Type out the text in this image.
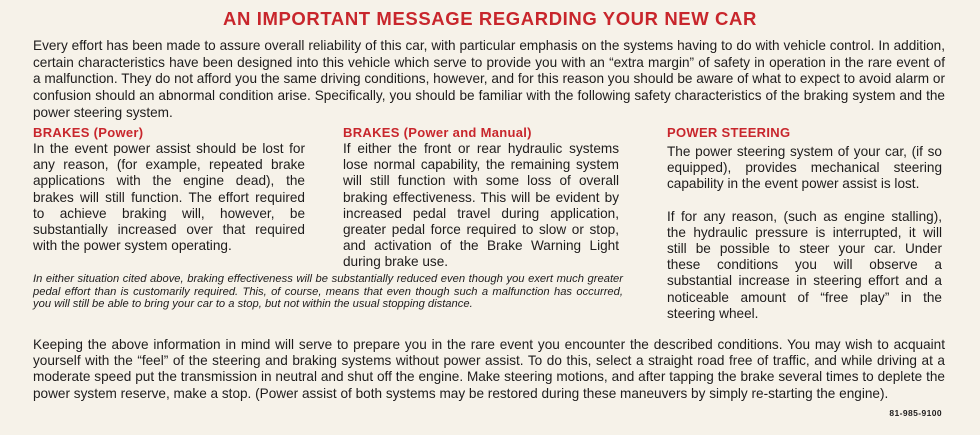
AN IMPORTANT MESSAGE REGARDING YOUR NEW CAR

Every effort has been made to assure overall reliability of this car, with particular emphasis on the systems having to do with vehicle control. In addition, certain characteristics have been designed into this vehicle which serve to provide you with an “extra margin” of safety in operation in the rare event of a malfunction. They do not afford you the same driving conditions, however, and for this reason you should be aware of what to expect to avoid alarm or confusion should an abnormal condition arise. Specifically, you should be familiar with the following safety characteristics of the braking system and the power steering system.

BRAKES (Power)

In the event power assist should be lost for any reason, (for example, repeated brake applications with the engine dead), the brakes will still function. The effort required to achieve braking will, however, be substantially increased over that required with the power system operating.

BRAKES (Power and Manual)

If either the front or rear hydraulic systems lose normal capability, the remaining system will still function with some loss of overall braking effectiveness. This will be evident by increased pedal travel during application, greater pedal force required to slow or stop, and activation of the Brake Warning Light during brake use.

POWER STEERING

The power steering system of your car, (if so equipped), provides mechanical steering capability in the event power assist is lost.

If for any reason, (such as engine stalling), the hydraulic pressure is interrupted, it will still be possible to steer your car. Under these conditions you will observe a substantial increase in steering effort and a noticeable amount of “free play” in the steering wheel.

In either situation cited above, braking effectiveness will be substantially reduced even though you exert much greater pedal effort than is customarily required. This, of course, means that even though such a malfunction has occurred, you will still be able to bring your car to a stop, but not within the usual stopping distance.

Keeping the above information in mind will serve to prepare you in the rare event you encounter the described conditions. You may wish to acquaint yourself with the “feel” of the steering and braking systems without power assist. To do this, select a straight road free of traffic, and while driving at a moderate speed put the transmission in neutral and shut off the engine. Make steering motions, and after tapping the brake several times to deplete the power system reserve, make a stop. (Power assist of both systems may be restored during these maneuvers by simply re-starting the engine).

81-985-9100
